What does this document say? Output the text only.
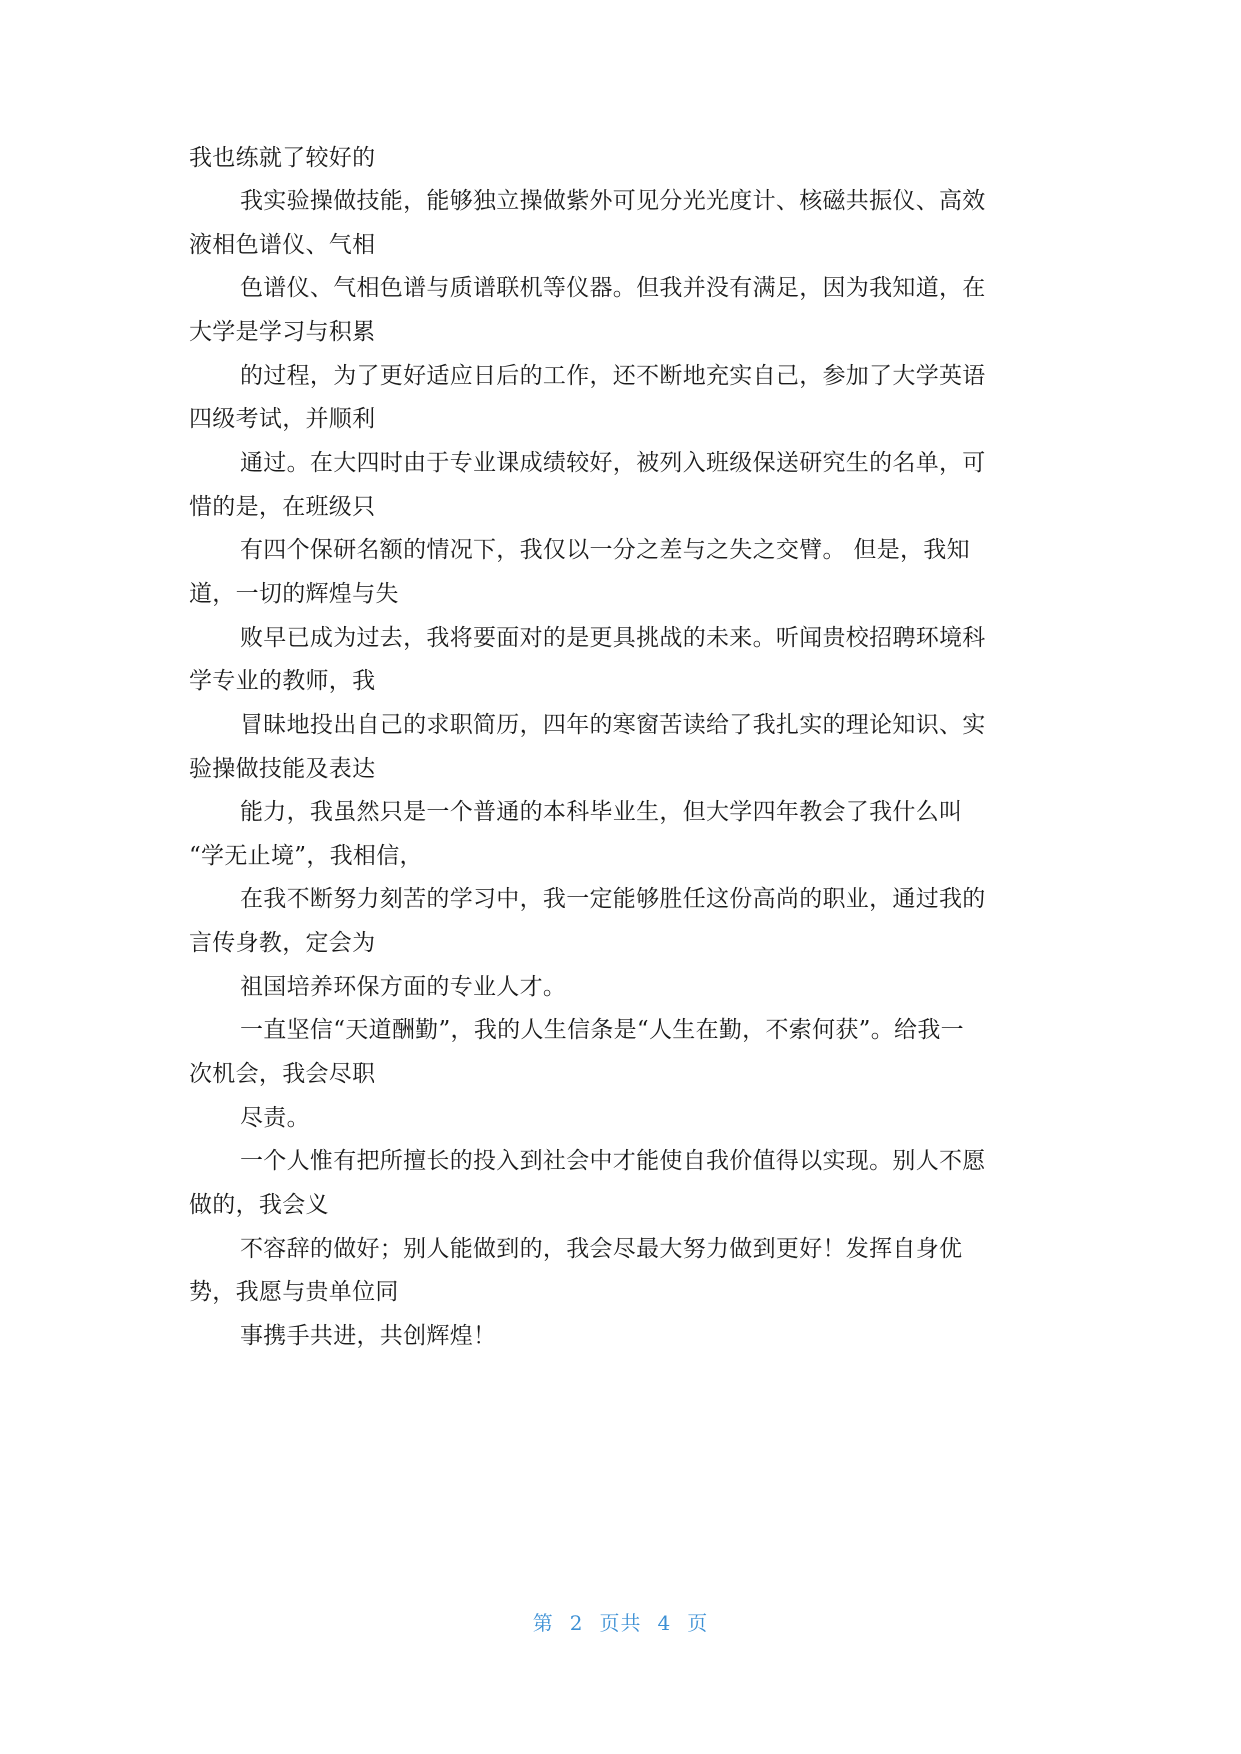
我也练就了较好的
我实验操做技能，能够独立操做紫外可见分光光度计、核磁共振仪、高效
液相色谱仪、气相
色谱仪、气相色谱与质谱联机等仪器。但我并没有满足，因为我知道，在
大学是学习与积累
的过程，为了更好适应日后的工作，还不断地充实自己，参加了大学英语
四级考试，并顺利
通过。在大四时由于专业课成绩较好，被列入班级保送研究生的名单，可
惜的是，在班级只
有四个保研名额的情况下，我仅以一分之差与之失之交臂。 但是，我知
道，一切的辉煌与失
败早已成为过去，我将要面对的是更具挑战的未来。听闻贵校招聘环境科
学专业的教师，我
冒昧地投出自己的求职简历，四年的寒窗苦读给了我扎实的理论知识、实
验操做技能及表达
能力，我虽然只是一个普通的本科毕业生，但大学四年教会了我什么叫
“学无止境”，我相信，
在我不断努力刻苦的学习中，我一定能够胜任这份高尚的职业，通过我的
言传身教，定会为
祖国培养环保方面的专业人才。
一直坚信“天道酬勤”，我的人生信条是“人生在勤，不索何获”。给我一
次机会，我会尽职
尽责。
一个人惟有把所擅长的投入到社会中才能使自我价值得以实现。别人不愿
做的，我会义
不容辞的做好；别人能做到的，我会尽最大努力做到更好！发挥自身优
势，我愿与贵单位同
事携手共进，共创辉煌！
第 2 页共 4 页
